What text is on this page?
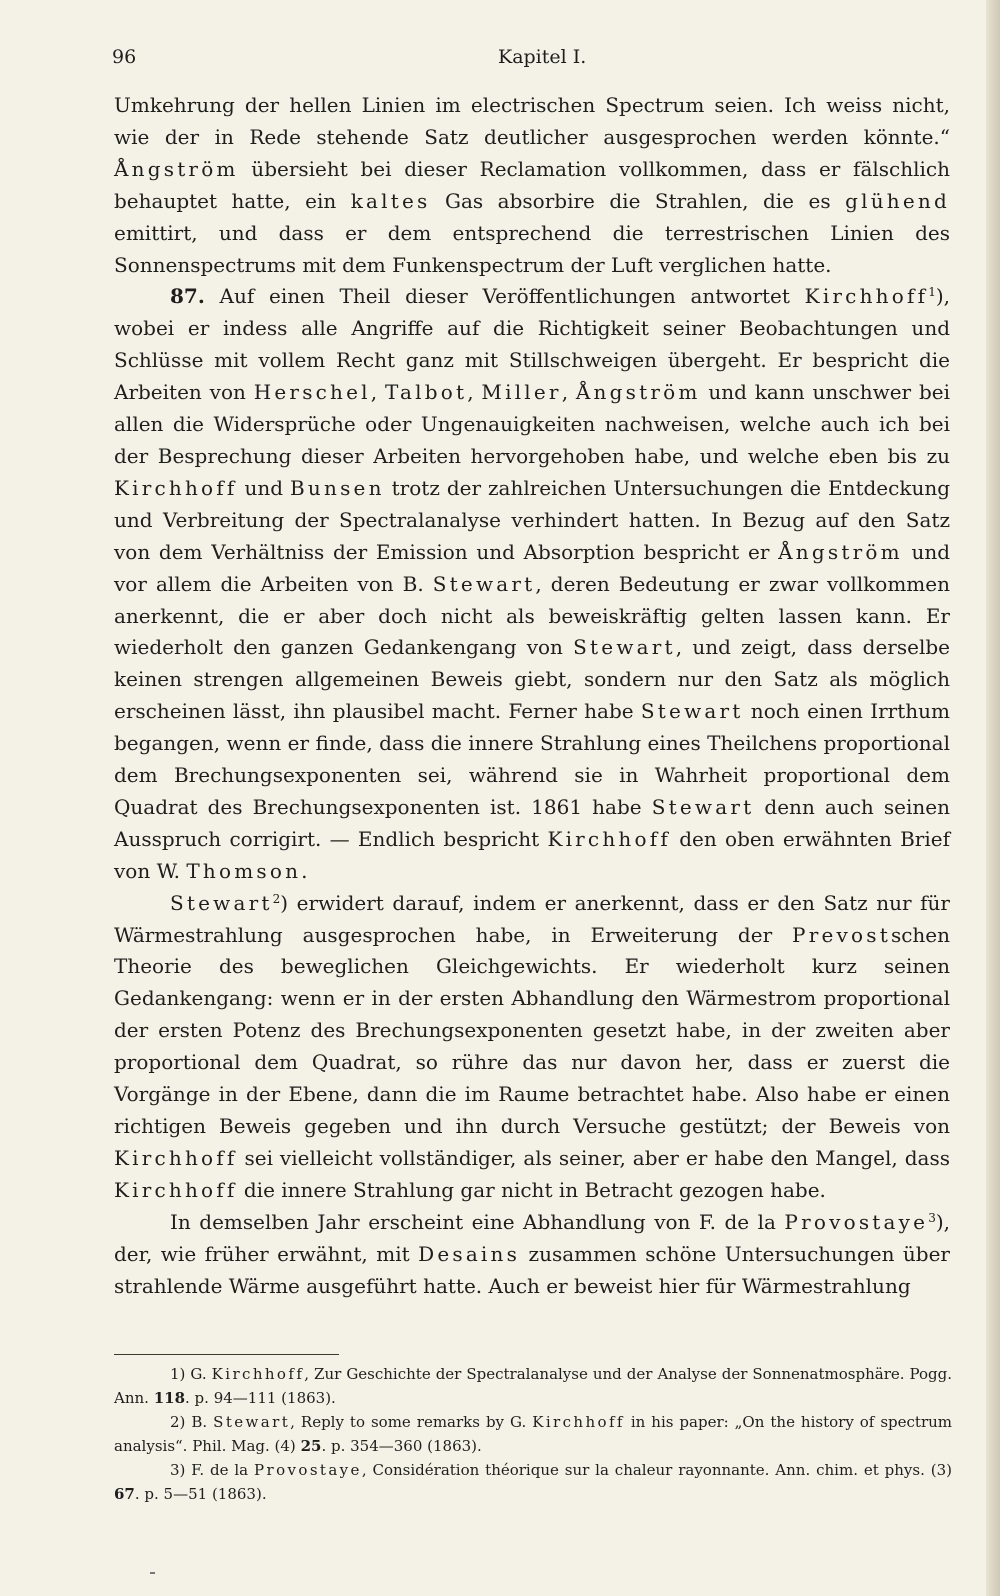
96	Kapitel I.

Umkehrung der hellen Linien im electrischen Spectrum seien. Ich weiss nicht, wie der in Rede stehende Satz deutlicher ausgesprochen werden könnte.“ Ångström übersieht bei dieser Reclamation vollkommen, dass er fälschlich behauptet hatte, ein kaltes Gas absorbire die Strahlen, die es glühend emittirt, und dass er dem entsprechend die terrestrischen Linien des Sonnenspectrums mit dem Funkenspectrum der Luft verglichen hatte.

87. Auf einen Theil dieser Veröffentlichungen antwortet Kirchhoff$^1$), wobei er indess alle Angriffe auf die Richtigkeit seiner Beobachtungen und Schlüsse mit vollem Recht ganz mit Stillschweigen übergeht. Er bespricht die Arbeiten von Herschel, Talbot, Miller, Ångström und kann unschwer bei allen die Widersprüche oder Ungenauigkeiten nachweisen, welche auch ich bei der Besprechung dieser Arbeiten hervorgehoben habe, und welche eben bis zu Kirchhoff und Bunsen trotz der zahlreichen Untersuchungen die Entdeckung und Verbreitung der Spectralanalyse verhindert hatten. In Bezug auf den Satz von dem Verhältniss der Emission und Absorption bespricht er Ångström und vor allem die Arbeiten von B. Stewart, deren Bedeutung er zwar vollkommen anerkennt, die er aber doch nicht als beweiskräftig gelten lassen kann. Er wiederholt den ganzen Gedankengang von Stewart, und zeigt, dass derselbe keinen strengen allgemeinen Beweis giebt, sondern nur den Satz als möglich erscheinen lässt, ihn plausibel macht. Ferner habe Stewart noch einen Irrthum begangen, wenn er finde, dass die innere Strahlung eines Theilchens proportional dem Brechungsexponenten sei, während sie in Wahrheit proportional dem Quadrat des Brechungsexponenten ist. 1861 habe Stewart denn auch seinen Ausspruch corrigirt. — Endlich bespricht Kirchhoff den oben erwähnten Brief von W. Thomson.

Stewart$^2$) erwidert darauf, indem er anerkennt, dass er den Satz nur für Wärmestrahlung ausgesprochen habe, in Erweiterung der Prevostschen Theorie des beweglichen Gleichgewichts. Er wiederholt kurz seinen Gedankengang: wenn er in der ersten Abhandlung den Wärmestrom proportional der ersten Potenz des Brechungsexponenten gesetzt habe, in der zweiten aber proportional dem Quadrat, so rühre das nur davon her, dass er zuerst die Vorgänge in der Ebene, dann die im Raume betrachtet habe. Also habe er einen richtigen Beweis gegeben und ihn durch Versuche gestützt; der Beweis von Kirchhoff sei vielleicht vollständiger, als seiner, aber er habe den Mangel, dass Kirchhoff die innere Strahlung gar nicht in Betracht gezogen habe.

In demselben Jahr erscheint eine Abhandlung von F. de la Provostaye$^3$), der, wie früher erwähnt, mit Desains zusammen schöne Untersuchungen über strahlende Wärme ausgeführt hatte. Auch er beweist hier für Wärmestrahlung

1) G. Kirchhoff, Zur Geschichte der Spectralanalyse und der Analyse der Sonnenatmosphäre. Pogg. Ann. 118. p. 94—111 (1863).

2) B. Stewart, Reply to some remarks by G. Kirchhoff in his paper: „On the history of spectrum analysis“. Phil. Mag. (4) 25. p. 354—360 (1863).

3) F. de la Provostaye, Considération théorique sur la chaleur rayonnante. Ann. chim. et phys. (3) 67. p. 5—51 (1863).
